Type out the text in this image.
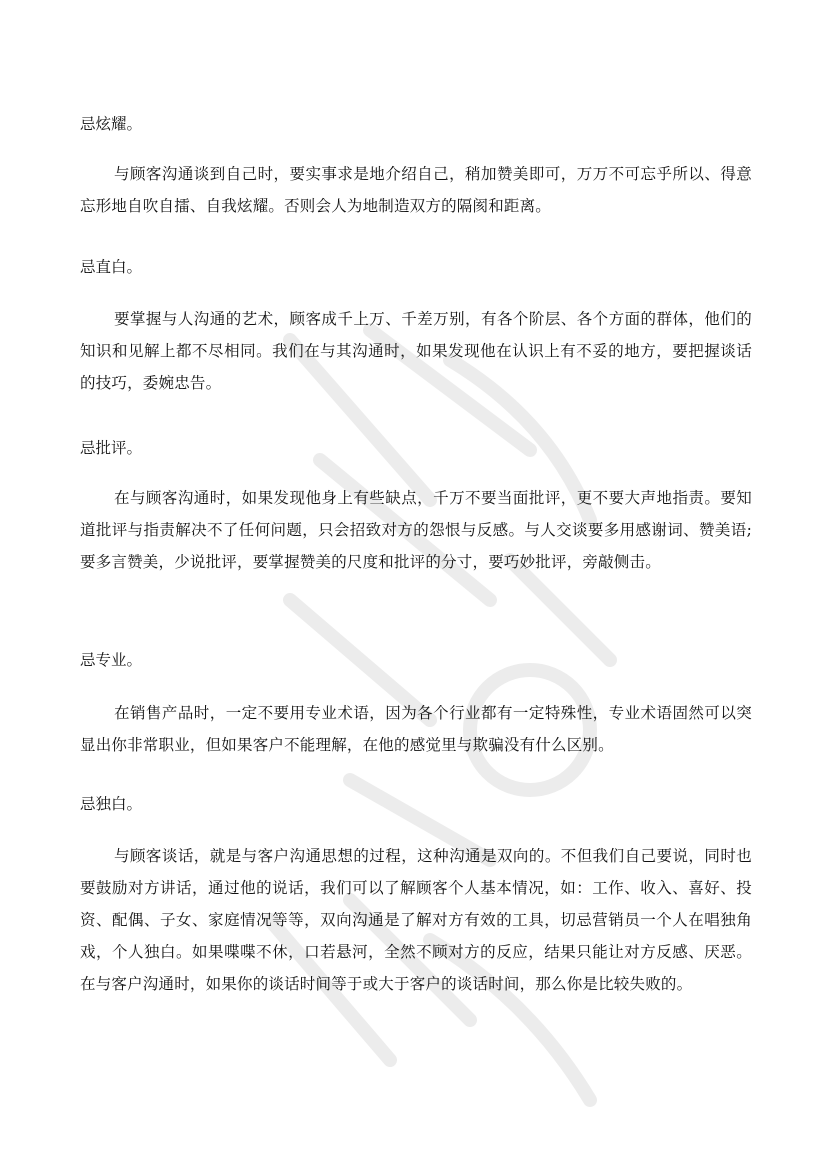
忌炫耀。
与顾客沟通谈到自己时，要实事求是地介绍自己，稍加赞美即可，万万不可忘乎所以、得意忘形地自吹自擂、自我炫耀。否则会人为地制造双方的隔阂和距离。
忌直白。
要掌握与人沟通的艺术，顾客成千上万、千差万别，有各个阶层、各个方面的群体，他们的知识和见解上都不尽相同。我们在与其沟通时，如果发现他在认识上有不妥的地方，要把握谈话的技巧，委婉忠告。
忌批评。
在与顾客沟通时，如果发现他身上有些缺点，千万不要当面批评，更不要大声地指责。要知道批评与指责解决不了任何问题，只会招致对方的怨恨与反感。与人交谈要多用感谢词、赞美语;要多言赞美，少说批评，要掌握赞美的尺度和批评的分寸，要巧妙批评，旁敲侧击。
忌专业。
在销售产品时，一定不要用专业术语，因为各个行业都有一定特殊性，专业术语固然可以突显出你非常职业，但如果客户不能理解，在他的感觉里与欺骗没有什么区别。
忌独白。
与顾客谈话，就是与客户沟通思想的过程，这种沟通是双向的。不但我们自己要说，同时也要鼓励对方讲话，通过他的说话，我们可以了解顾客个人基本情况，如：工作、收入、喜好、投资、配偶、子女、家庭情况等等，双向沟通是了解对方有效的工具，切忌营销员一个人在唱独角戏，个人独白。如果喋喋不休，口若悬河，全然不顾对方的反应，结果只能让对方反感、厌恶。在与客户沟通时，如果你的谈话时间等于或大于客户的谈话时间，那么你是比较失败的。
